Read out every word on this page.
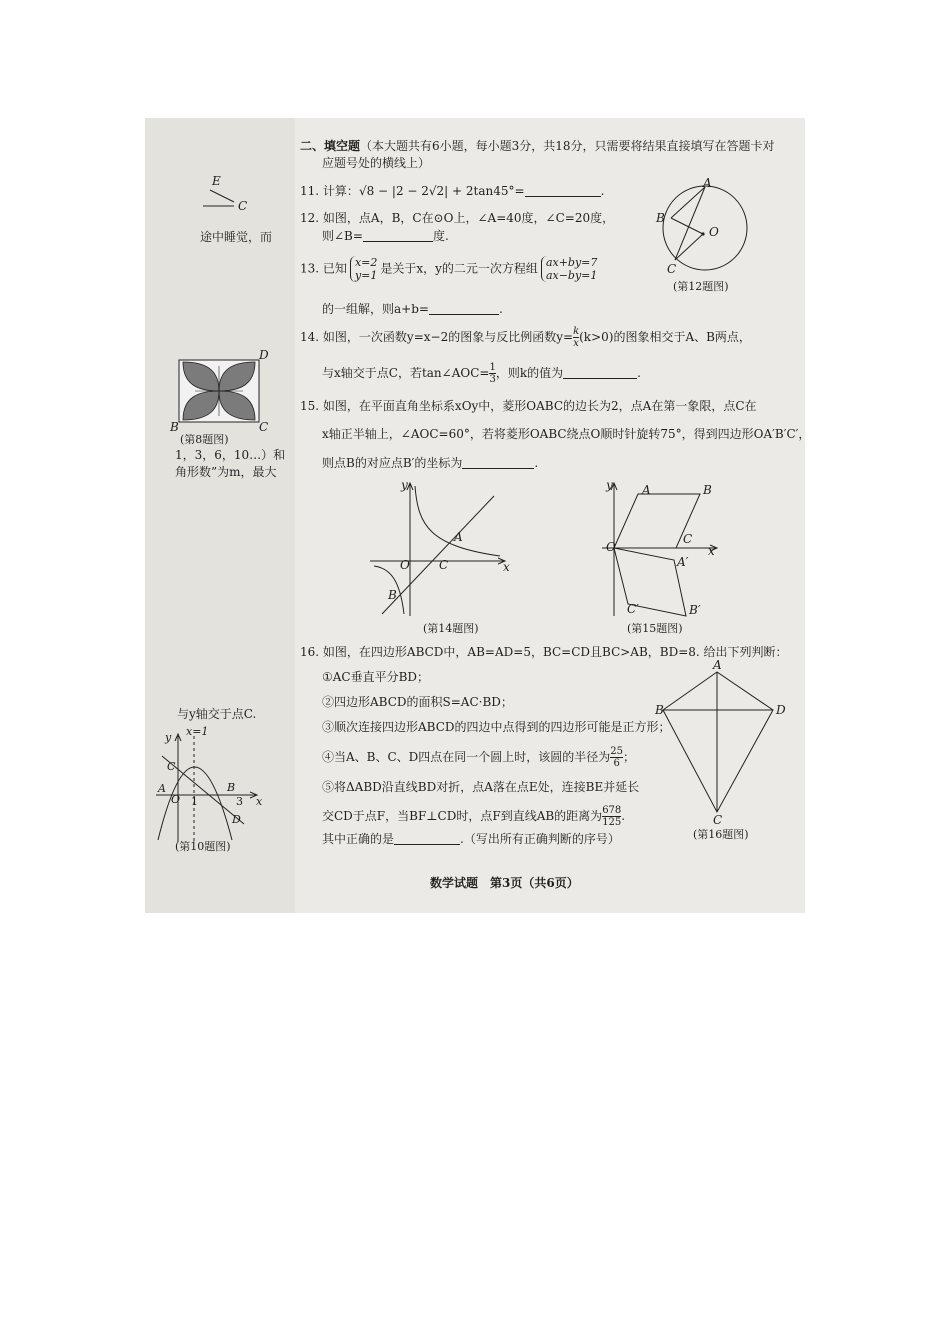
E
C
途中睡觉，而
D
B	C
(第8题图)
1，3，6，10…）和
角形数”为m，最大
与y轴交于点C.
y x=1
C
A
O 1
B
3 x
D
(第10题图)
二、填空题（本大题共有6小题，每小题3分，共18分，只需要将结果直接填写在答题卡对
应题号处的横线上）
11. 计算：√8 − |2 − 2√2| + 2tan45°=	.
12. 如图，点A，B，C在⊙O上，∠A=40度，∠C=20度，
则∠B=	度.
A
B
O
C
(第12题图)
13. 已知 x=2
y=1 是关于x，y的二元一次方程组 ax+by=7
ax−by=1
的一组解，则a+b=	.
14. 如图，一次函数y=x−2的图象与反比例函数$y= \frac{k}{x} (k>0)$的图象相交于A、B两点，
与x轴交于点C，若tan∠AOC= $\frac{1}{3}$ ，则k的值为	.
15. 如图，在平面直角坐标系xOy中，菱形OABC的边长为2，点A在第一象限，点C在
x轴正半轴上，∠AOC=60°，若将菱形OABC绕点O顺时针旋转75°，得到四边形OA′B′C′，
则点B的对应点B′的坐标为	.
y
A
O C	x
B
(第14题图)
y A	B
O
C
x
A′
C′	B′
(第15题图)
16. 如图，在四边形ABCD中，AB=AD=5，BC=CD且BC>AB，BD=8. 给出下列判断：
①AC垂直平分BD；
②四边形ABCD的面积S=AC·BD；
③顺次连接四边形ABCD的四边中点得到的四边形可能是正方形；
④当A、B、C、D四点在同一个圆上时，该圆的半径为 $\frac{25}{6}$ ；
⑤将ΔABD沿直线BD对折，点A落在点E处，连接BE并延长
交CD于点F，当BF⊥CD时，点F到直线AB的距离为 $\frac{678}{125}$ .
其中正确的是	.（写出所有正确判断的序号）
A
B	D
C
(第16题图)
数学试题　第3页（共6页）
